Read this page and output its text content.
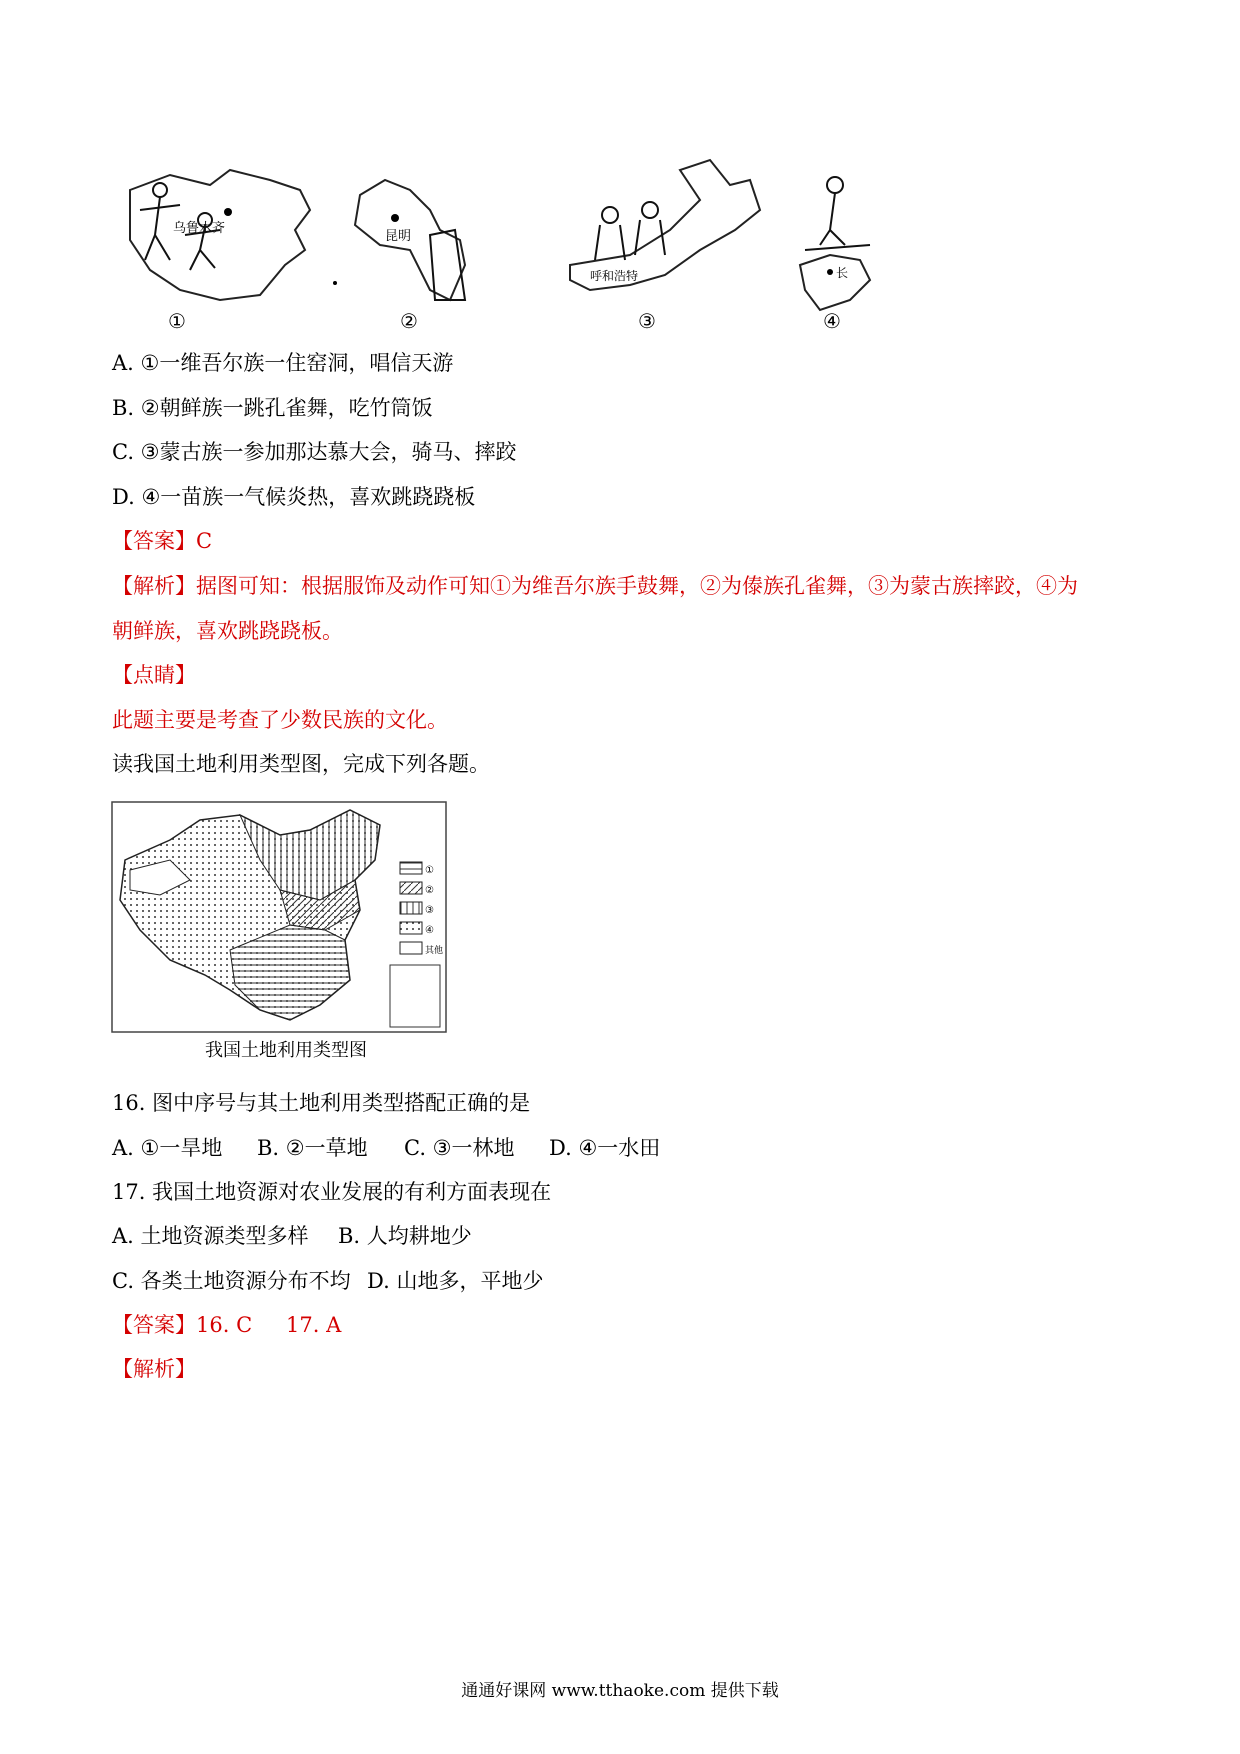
乌鲁木齐
①
昆明
②
呼和浩特
③
长
④
A. ①一维吾尔族一住窑洞，唱信天游
B. ②朝鲜族一跳孔雀舞，吃竹筒饭
C. ③蒙古族一参加那达慕大会，骑马、摔跤
D. ④一苗族一气候炎热，喜欢跳跷跷板
【答案】C
【解析】据图可知：根据服饰及动作可知①为维吾尔族手鼓舞，②为傣族孔雀舞，③为蒙古族摔跤，④为
朝鲜族，喜欢跳跷跷板。
【点睛】
此题主要是考查了少数民族的文化。
读我国土地利用类型图，完成下列各题。
①
②
③
④
其他
我国土地利用类型图
16. 图中序号与其土地利用类型搭配正确的是
A. ①一旱地 B. ②一草地 C. ③一林地 D. ④一水田
17. 我国土地资源对农业发展的有利方面表现在
A. 土地资源类型多样 B. 人均耕地少
C. 各类土地资源分布不均 D. 山地多，平地少
【答案】16. C 17. A
【解析】
通通好课网 www.tthaoke.com 提供下载
